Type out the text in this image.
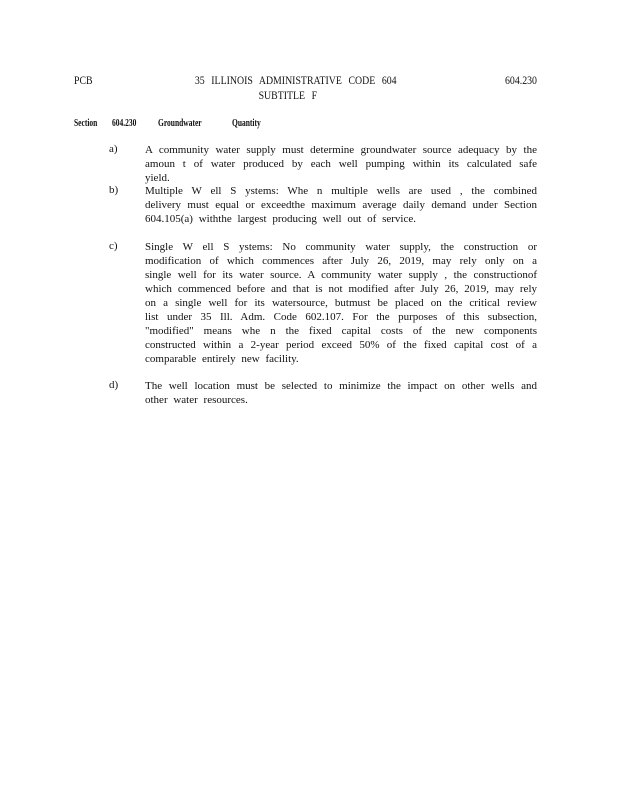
PCB	35 ILLINOIS ADMINISTRATIVE CODE 604
SUBTITLE F
604.230
Section 604.230 Groundwater	Quantity
a) A community water supply must determine groundwater source adequacy by the amoun t of water produced by each well pumping within its calculated safe yield.
b) Multiple W ell S ystems: Whe n multiple wells are used , the combined delivery must equal or exceedthe maximum average daily demand under Section 604.105(a) withthe largest producing well out of service.
c) Single W ell S ystems: No community water supply, the construction or modification of which commences after July 26, 2019, may rely only on a single well for its water source. A community water supply , the constructionof which commenced before and that is not modified after July 26, 2019, may rely on a single well for its watersource, butmust be placed on the critical review list under 35 Ill. Adm. Code 602.107. For the purposes of this subsection, "modified" means whe n the fixed capital costs of the new components constructed within a 2-year period exceed 50% of the fixed capital cost of a comparable entirely new facility.
d) The well location must be selected to minimize the impact on other wells and other water resources.
